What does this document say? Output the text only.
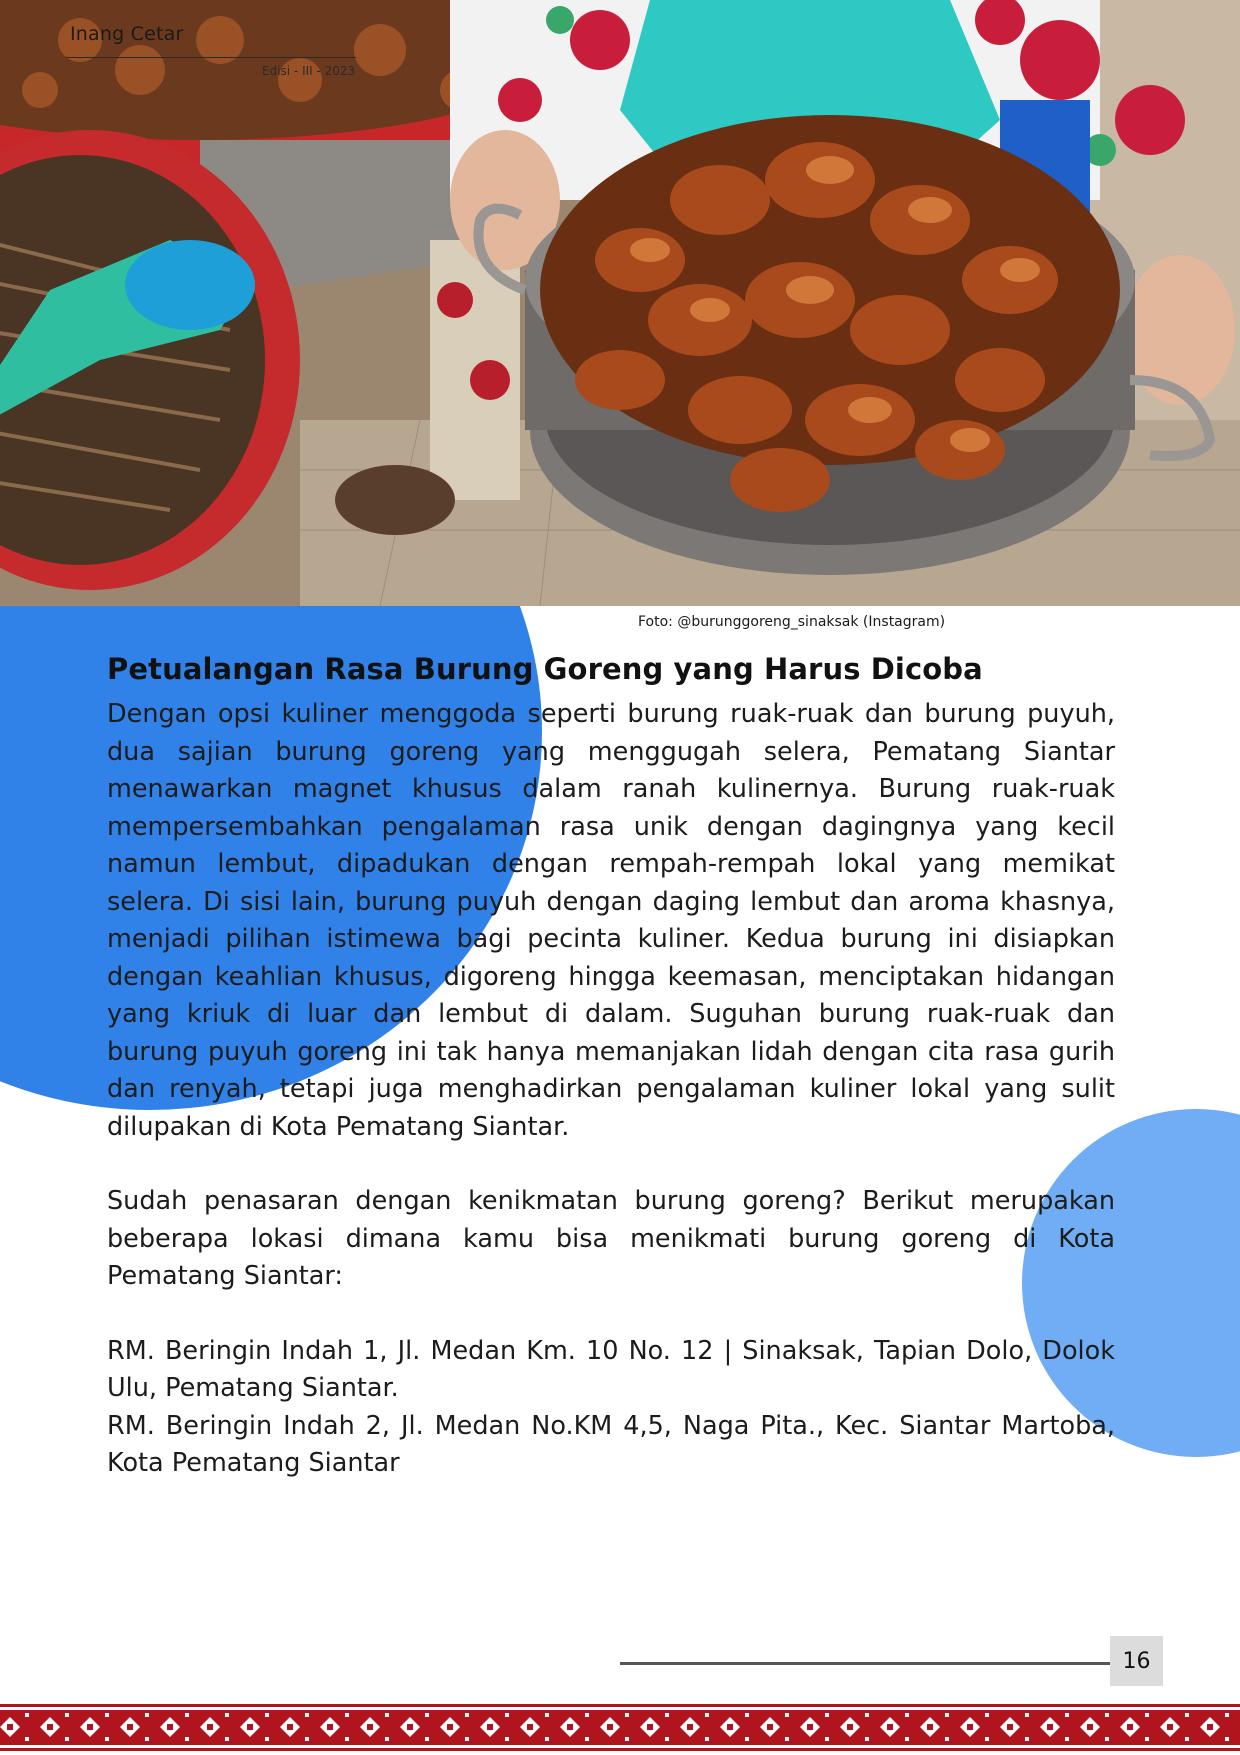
Inang Cetar
Edisi - III - 2023
Foto: @burunggoreng_sinaksak (Instagram)
Petualangan Rasa Burung Goreng yang Harus Dicoba

Dengan opsi kuliner menggoda seperti burung ruak-ruak dan burung puyuh, dua sajian burung goreng yang menggugah selera, Pematang Siantar menawarkan magnet khusus dalam ranah kulinernya. Burung ruak-ruak mempersembahkan pengalaman rasa unik dengan dagingnya yang kecil namun lembut, dipadukan dengan rempah-rempah lokal yang memikat selera. Di sisi lain, burung puyuh dengan daging lembut dan aroma khasnya, menjadi pilihan istimewa bagi pecinta kuliner. Kedua burung ini disiapkan dengan keahlian khusus, digoreng hingga keemasan, menciptakan hidangan yang kriuk di luar dan lembut di dalam. Suguhan burung ruak-ruak dan burung puyuh goreng ini tak hanya memanjakan lidah dengan cita rasa gurih dan renyah, tetapi juga menghadirkan pengalaman kuliner lokal yang sulit dilupakan di Kota Pematang Siantar.

Sudah penasaran dengan kenikmatan burung goreng? Berikut merupakan beberapa lokasi dimana kamu bisa menikmati burung goreng di Kota Pematang Siantar:

RM. Beringin Indah 1, Jl. Medan Km. 10 No. 12 | Sinaksak, Tapian Dolo, Dolok Ulu, Pematang Siantar.

RM. Beringin Indah 2, Jl. Medan No.KM 4,5, Naga Pita., Kec. Siantar Martoba, Kota Pematang Siantar

16
